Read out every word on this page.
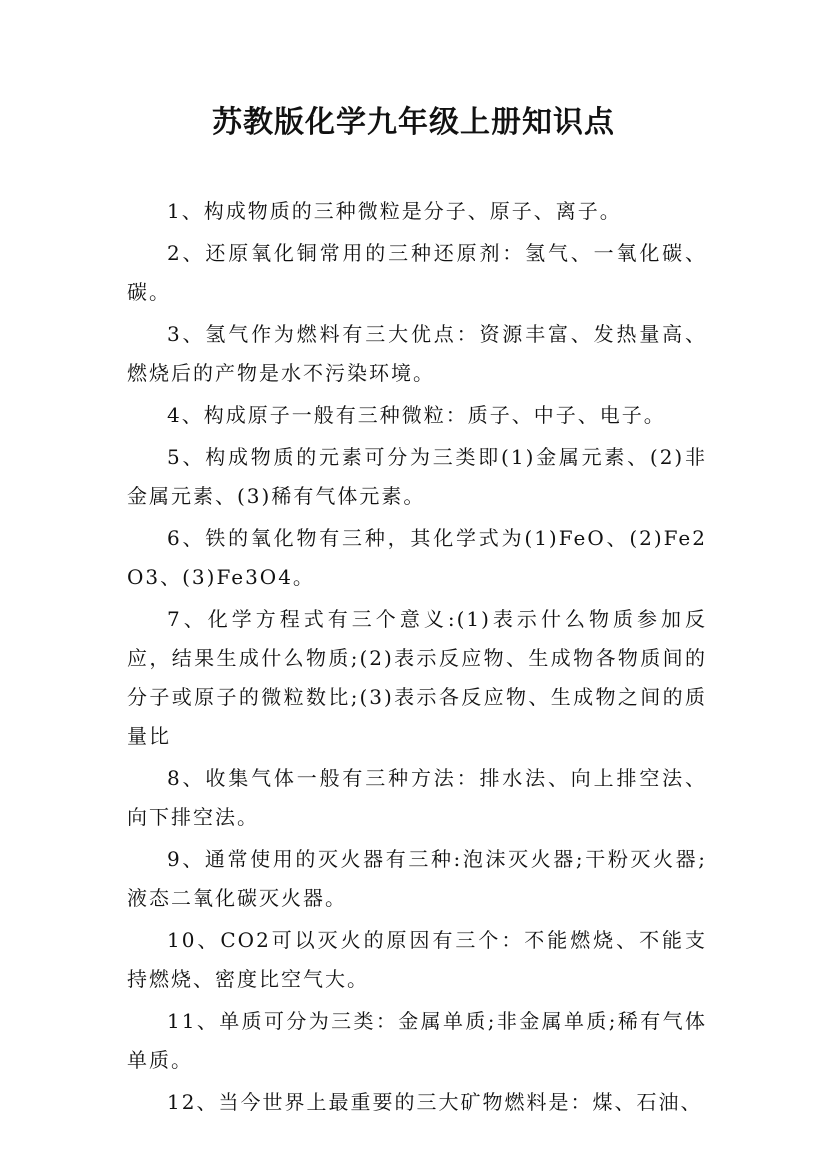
苏教版化学九年级上册知识点

1、构成物质的三种微粒是分子、原子、离子。

2、还原氧化铜常用的三种还原剂：氢气、一氧化碳、碳。

3、氢气作为燃料有三大优点：资源丰富、发热量高、燃烧后的产物是水不污染环境。

4、构成原子一般有三种微粒：质子、中子、电子。

5、构成物质的元素可分为三类即(1)金属元素、(2)非金属元素、(3)稀有气体元素。

6、铁的氧化物有三种，其化学式为(1)FeO、(2)Fe2O3、(3)Fe3O4。

7、化学方程式有三个意义:(1)表示什么物质参加反应，结果生成什么物质;(2)表示反应物、生成物各物质间的分子或原子的微粒数比;(3)表示各反应物、生成物之间的质量比

8、收集气体一般有三种方法：排水法、向上排空法、向下排空法。

9、通常使用的灭火器有三种:泡沫灭火器;干粉灭火器;液态二氧化碳灭火器。

10、CO2可以灭火的原因有三个：不能燃烧、不能支持燃烧、密度比空气大。

11、单质可分为三类：金属单质;非金属单质;稀有气体单质。

12、当今世界上最重要的三大矿物燃料是：煤、石油、
